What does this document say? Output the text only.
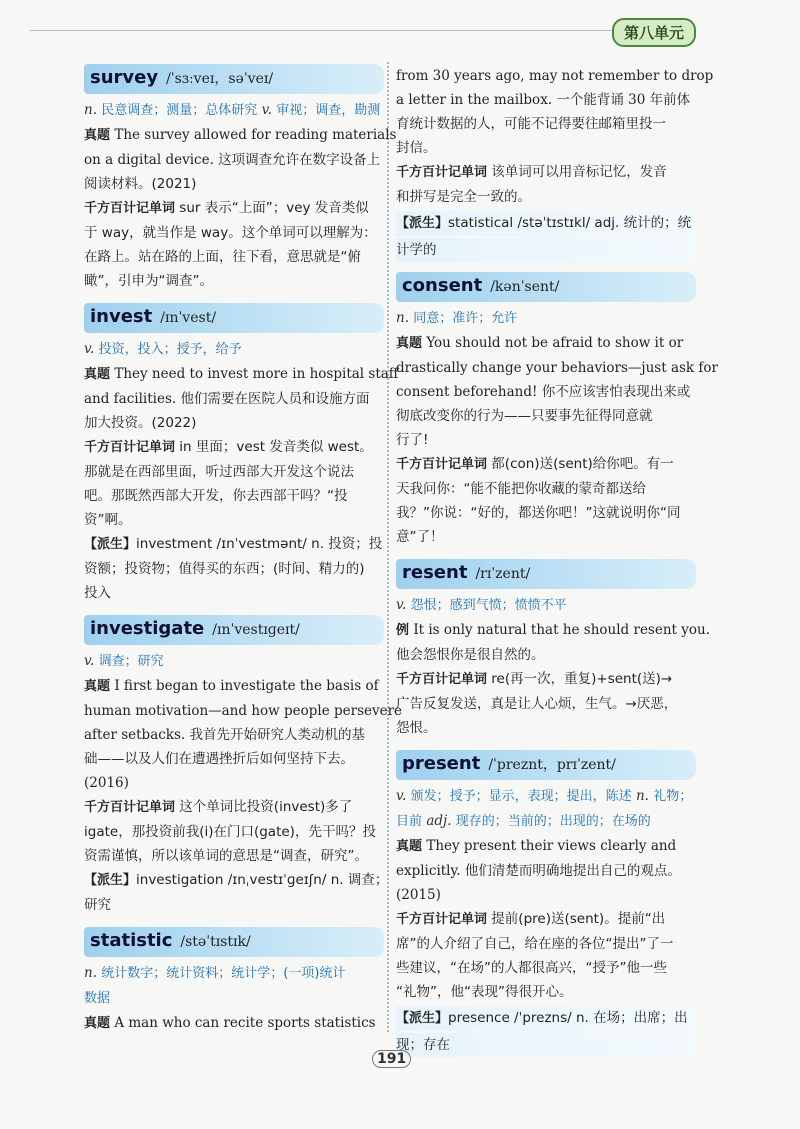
第八单元
survey /ˈsɜːveɪ，səˈveɪ/

n. 民意调查；测量；总体研究 v. 审视；调查，勘测

真题 The survey allowed for reading materials

on a digital device. 这项调查允许在数字设备上

阅读材料。(2021)

千方百计记单词 sur 表示“上面”；vey 发音类似

于 way，就当作是 way。这个单词可以理解为：

在路上。站在路的上面，往下看，意思就是“俯

瞰”，引申为“调查”。

invest /ɪnˈvest/

v. 投资，投入；授予，给予

真题 They need to invest more in hospital staff

and facilities. 他们需要在医院人员和设施方面

加大投资。(2022)

千方百计记单词 in 里面；vest 发音类似 west。

那就是在西部里面，听过西部大开发这个说法

吧。那既然西部大开发，你去西部干吗？“投

资”啊。

【派生】investment /ɪnˈvestmənt/ n. 投资；投

资额；投资物；值得买的东西；(时间、精力的)

投入

investigate /ɪnˈvestɪɡeɪt/

v. 调查；研究

真题 I first began to investigate the basis of

human motivation—and how people persevere

after setbacks. 我首先开始研究人类动机的基

础——以及人们在遭遇挫折后如何坚持下去。

(2016)

千方百计记单词 这个单词比投资(invest)多了

igate，那投资前我(i)在门口(gate)，先干吗？投

资需谨慎，所以该单词的意思是“调查，研究”。

【派生】investigation /ɪnˌvestɪˈɡeɪʃn/ n. 调查；

研究

statistic /stəˈtɪstɪk/

n. 统计数字；统计资料；统计学；(一项)统计

数据

真题 A man who can recite sports statistics

from 30 years ago, may not remember to drop

a letter in the mailbox. 一个能背诵 30 年前体

育统计数据的人，可能不记得要往邮箱里投一

封信。

千方百计记单词 该单词可以用音标记忆，发音

和拼写是完全一致的。

【派生】statistical /stəˈtɪstɪkl/ adj. 统计的；统

计学的

consent /kənˈsent/

n. 同意；准许；允许

真题 You should not be afraid to show it or

drastically change your behaviors—just ask for

consent beforehand! 你不应该害怕表现出来或

彻底改变你的行为——只要事先征得同意就

行了!

千方百计记单词 都(con)送(sent)给你吧。有一

天我问你：“能不能把你收藏的蒙奇都送给

我？”你说：“好的，都送你吧！”这就说明你“同

意”了！

resent /rɪˈzent/

v. 怨恨；感到气愤；愤愤不平

例 It is only natural that he should resent you.

他会怨恨你是很自然的。

千方百计记单词 re(再一次，重复)+sent(送)→

广告反复发送，真是让人心烦，生气。→厌恶，

怨恨。

present /ˈpreznt，prɪˈzent/

v. 颁发；授予；显示，表现；提出，陈述 n. 礼物；

目前 adj. 现存的；当前的；出现的；在场的

真题 They present their views clearly and

explicitly. 他们清楚而明确地提出自己的观点。

(2015)

千方百计记单词 提前(pre)送(sent)。提前“出

席”的人介绍了自己，给在座的各位“提出”了一

些建议，“在场”的人都很高兴，“授予”他一些

“礼物”，他“表现”得很开心。

【派生】presence /ˈprezns/ n. 在场；出席；出

现；存在

191
